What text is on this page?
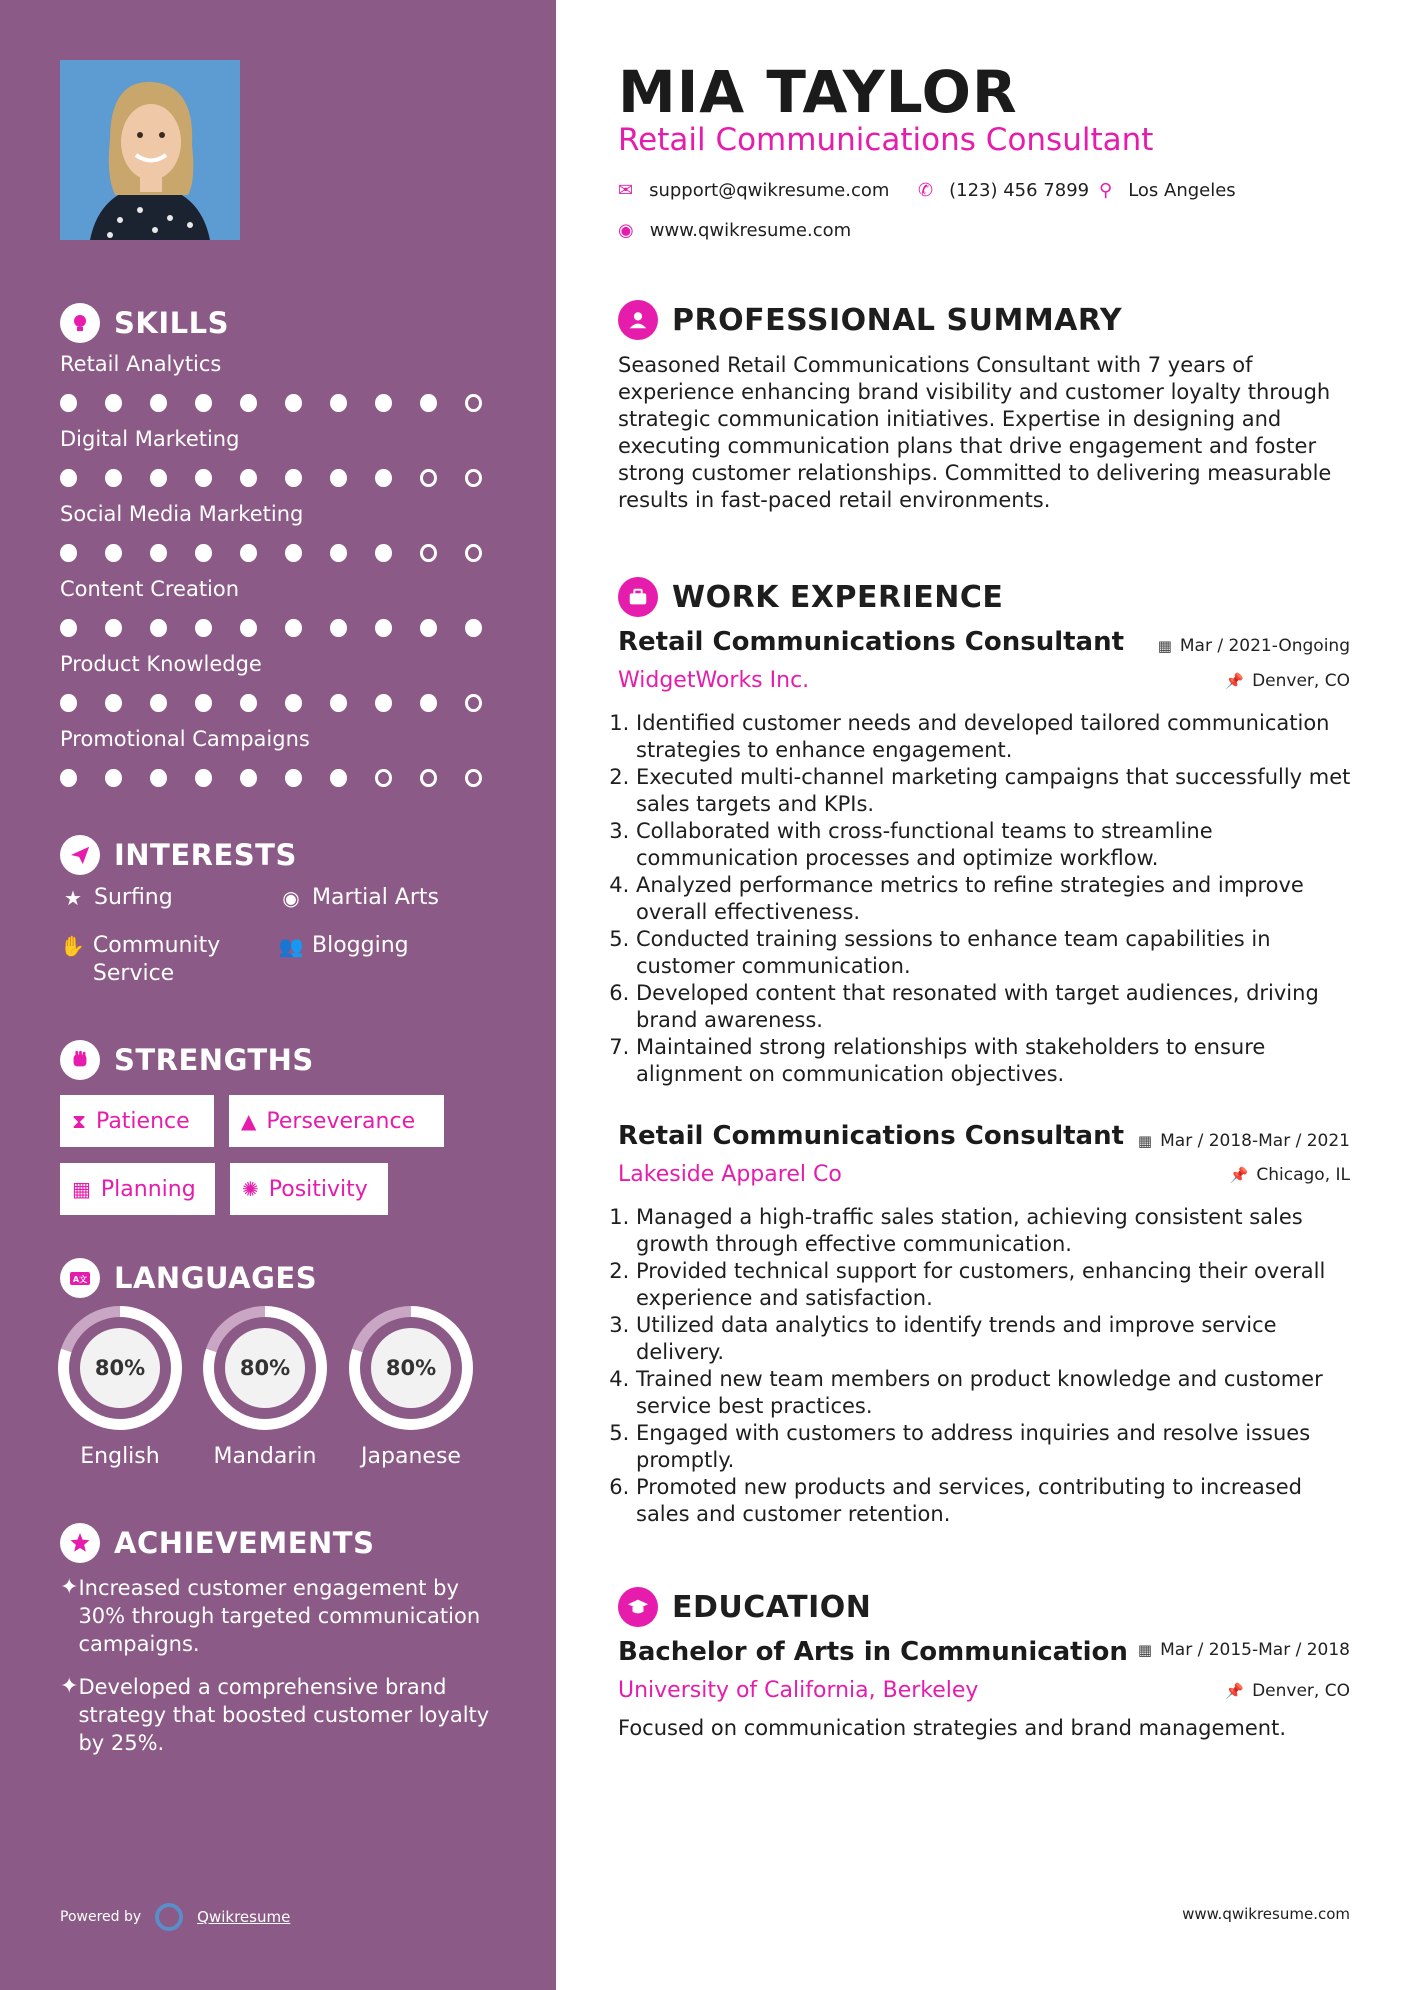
SKILLS
Retail Analytics
Digital Marketing
Social Media Marketing
Content Creation
Product Knowledge
Promotional Campaigns
INTERESTS
★ Surfing	◉ Martial Arts
✋ Community Service
👥 Blogging
STRENGTHS
⧗ Patience	▲ Perseverance
▦ Planning ✺ Positivity
A文 LANGUAGES
80%
English
80%
Mandarin
80%
Japanese
ACHIEVEMENTS
✦ Increased customer engagement by 30% through targeted communication campaigns.
✦ Developed a comprehensive brand strategy that boosted customer loyalty by 25%.
Powered by	Qwikresume
MIA TAYLOR
Retail Communications Consultant
✉ support@qwikresume.com ✆ (123) 456 7899 ⚲ Los Angeles
◉ www.qwikresume.com
PROFESSIONAL SUMMARY
Seasoned Retail Communications Consultant with 7 years of experience enhancing brand visibility and customer loyalty through strategic communication initiatives. Expertise in designing and executing communication plans that drive engagement and foster strong customer relationships. Committed to delivering measurable results in fast-paced retail environments.
WORK EXPERIENCE
Retail Communications Consultant ▦ Mar / 2021-Ongoing
WidgetWorks Inc.	📌 Denver, CO
1. Identified customer needs and developed tailored communication strategies to enhance engagement.
2. Executed multi-channel marketing campaigns that successfully met sales targets and KPIs.
3. Collaborated with cross-functional teams to streamline communication processes and optimize workflow.
4. Analyzed performance metrics to refine strategies and improve overall effectiveness.
5. Conducted training sessions to enhance team capabilities in customer communication.
6. Developed content that resonated with target audiences, driving brand awareness.
7. Maintained strong relationships with stakeholders to ensure alignment on communication objectives.
Retail Communications Consultant ▦ Mar / 2018-Mar / 2021
Lakeside Apparel Co	📌 Chicago, IL
1. Managed a high-traffic sales station, achieving consistent sales growth through effective communication.
2. Provided technical support for customers, enhancing their overall experience and satisfaction.
3. Utilized data analytics to identify trends and improve service delivery.
4. Trained new team members on product knowledge and customer service best practices.
5. Engaged with customers to address inquiries and resolve issues promptly.
6. Promoted new products and services, contributing to increased sales and customer retention.
EDUCATION
Bachelor of Arts in Communication ▦ Mar / 2015-Mar / 2018
University of California, Berkeley	📌 Denver, CO
Focused on communication strategies and brand management.
www.qwikresume.com
